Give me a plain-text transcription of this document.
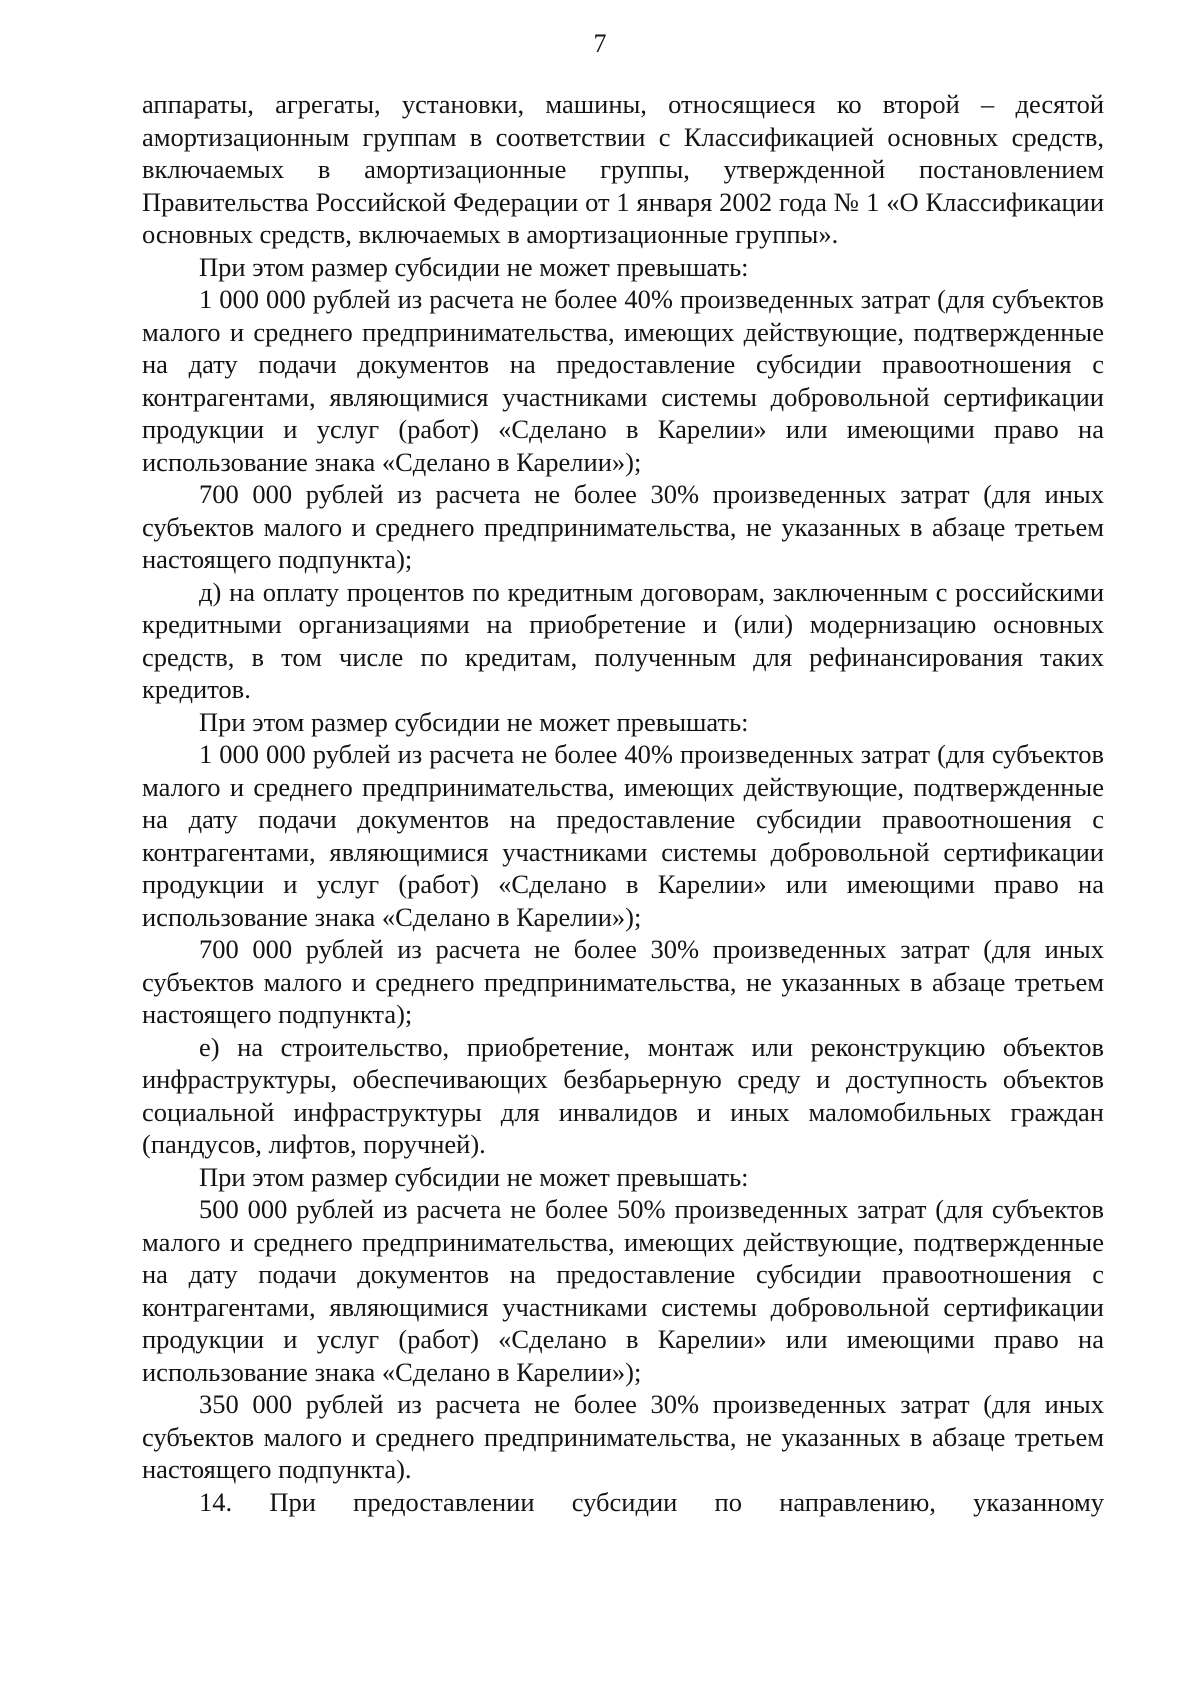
7

аппараты, агрегаты, установки, машины, относящиеся ко второй – десятой амортизационным группам в соответствии с Классификацией основных средств, включаемых в амортизационные группы, утвержденной постановлением Правительства Российской Федерации от 1 января 2002 года № 1 «О Классификации основных средств, включаемых в амортизационные группы».

При этом размер субсидии не может превышать:

1 000 000 рублей из расчета не более 40% произведенных затрат (для субъектов малого и среднего предпринимательства, имеющих действующие, подтвержденные на дату подачи документов на предоставление субсидии правоотношения с контрагентами, являющимися участниками системы добровольной сертификации продукции и услуг (работ) «Сделано в Карелии» или имеющими право на использование знака «Сделано в Карелии»);

700 000 рублей из расчета не более 30% произведенных затрат (для иных субъектов малого и среднего предпринимательства, не указанных в абзаце третьем настоящего подпункта);

д) на оплату процентов по кредитным договорам, заключенным с российскими кредитными организациями на приобретение и (или) модернизацию основных средств, в том числе по кредитам, полученным для рефинансирования таких кредитов.

При этом размер субсидии не может превышать:

1 000 000 рублей из расчета не более 40% произведенных затрат (для субъектов малого и среднего предпринимательства, имеющих действующие, подтвержденные на дату подачи документов на предоставление субсидии правоотношения с контрагентами, являющимися участниками системы добровольной сертификации продукции и услуг (работ) «Сделано в Карелии» или имеющими право на использование знака «Сделано в Карелии»);

700 000 рублей из расчета не более 30% произведенных затрат (для иных субъектов малого и среднего предпринимательства, не указанных в абзаце третьем настоящего подпункта);

е) на строительство, приобретение, монтаж или реконструкцию объектов инфраструктуры, обеспечивающих безбарьерную среду и доступность объектов социальной инфраструктуры для инвалидов и иных маломобильных граждан (пандусов, лифтов, поручней).

При этом размер субсидии не может превышать:

500 000 рублей из расчета не более 50% произведенных затрат (для субъектов малого и среднего предпринимательства, имеющих действующие, подтвержденные на дату подачи документов на предоставление субсидии правоотношения с контрагентами, являющимися участниками системы добровольной сертификации продукции и услуг (работ) «Сделано в Карелии» или имеющими право на использование знака «Сделано в Карелии»);

350 000 рублей из расчета не более 30% произведенных затрат (для иных субъектов малого и среднего предпринимательства, не указанных в абзаце третьем настоящего подпункта).

14. При предоставлении субсидии по направлению, указанному
